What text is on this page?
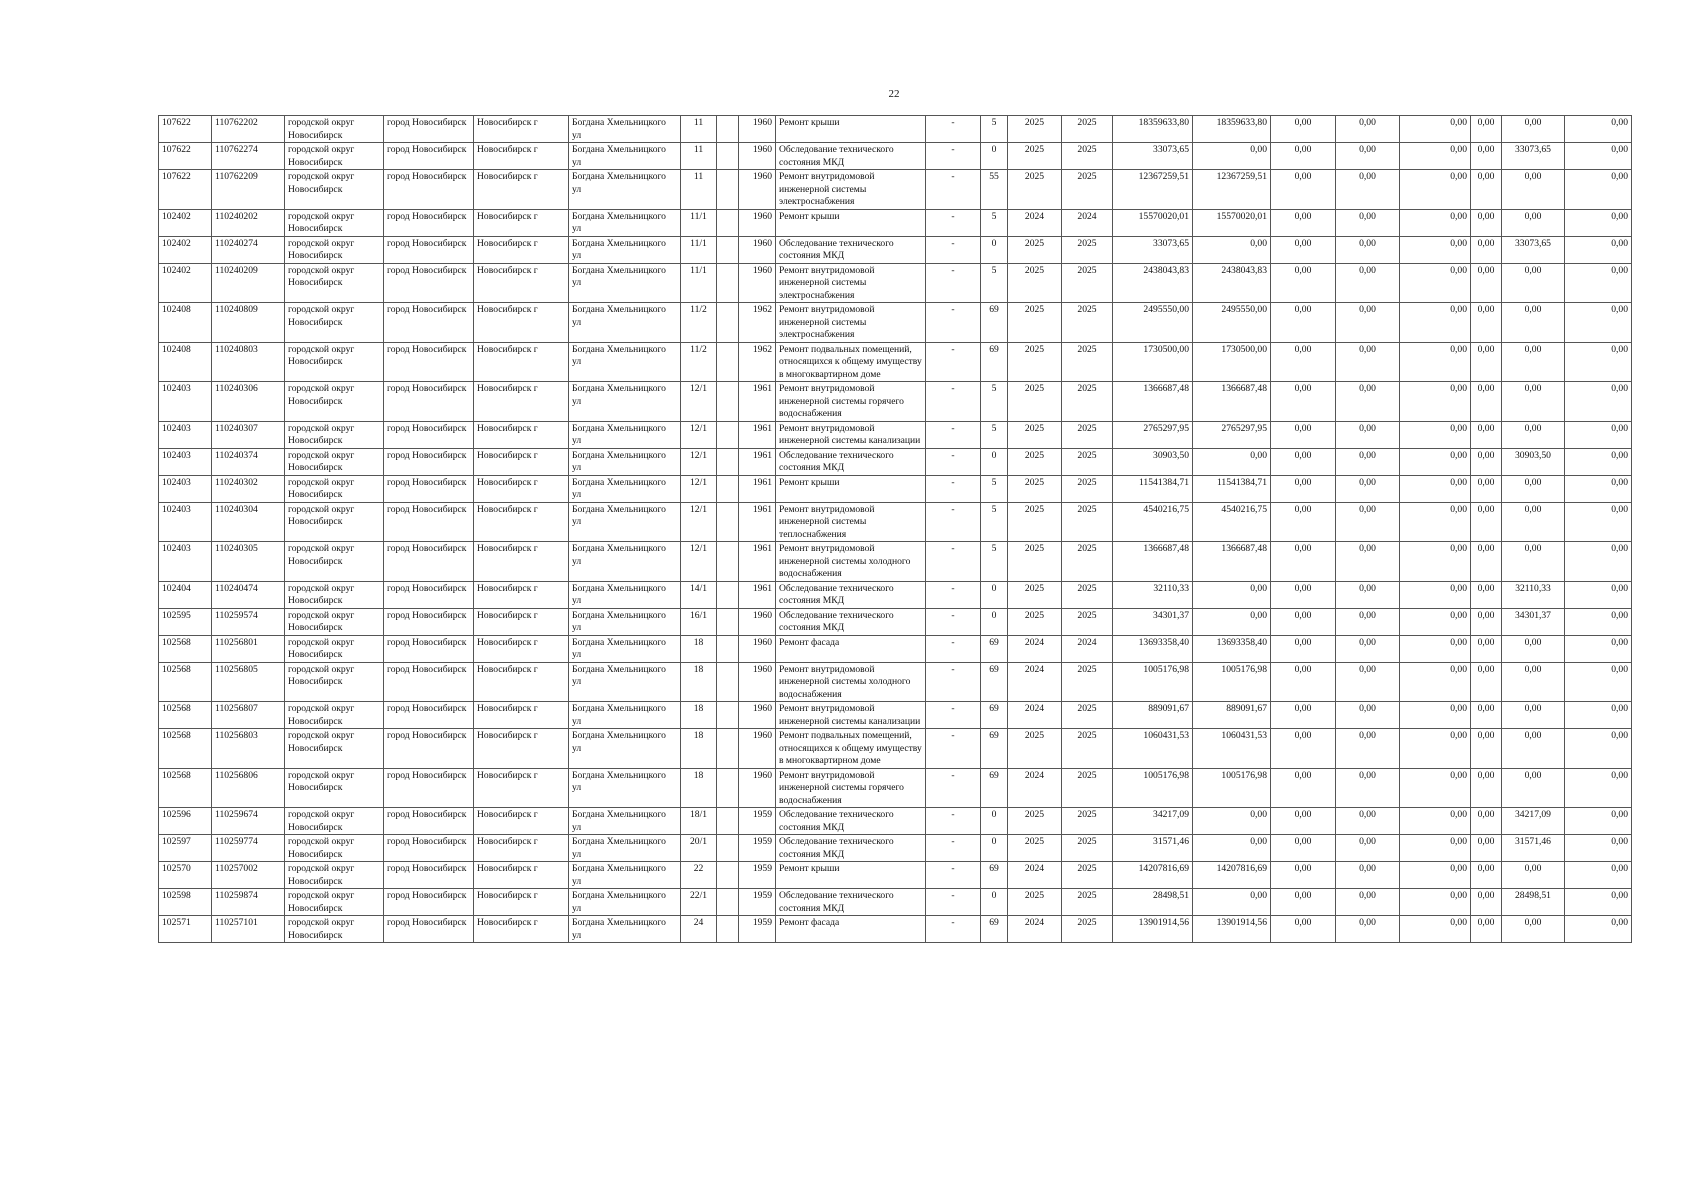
22
107622	110762202	городской округ Новосибирск	город Новосибирск	Новосибирск г	Богдана Хмельницкого ул	11		1960	Ремонт крыши	-	5	2025	2025	18359633,80	18359633,80	0,00	0,00	0,00	0,00	0,00	0,00
107622	110762274	городской округ Новосибирск	город Новосибирск	Новосибирск г	Богдана Хмельницкого ул	11		1960	Обследование технического состояния МКД	-	0	2025	2025	33073,65	0,00	0,00	0,00	0,00	0,00	33073,65	0,00
107622	110762209	городской округ Новосибирск	город Новосибирск	Новосибирск г	Богдана Хмельницкого ул	11		1960	Ремонт внутридомовой инженерной системы электроснабжения	-	55	2025	2025	12367259,51	12367259,51	0,00	0,00	0,00	0,00	0,00	0,00
102402	110240202	городской округ Новосибирск	город Новосибирск	Новосибирск г	Богдана Хмельницкого ул	11/1		1960	Ремонт крыши	-	5	2024	2024	15570020,01	15570020,01	0,00	0,00	0,00	0,00	0,00	0,00
102402	110240274	городской округ Новосибирск	город Новосибирск	Новосибирск г	Богдана Хмельницкого ул	11/1		1960	Обследование технического состояния МКД	-	0	2025	2025	33073,65	0,00	0,00	0,00	0,00	0,00	33073,65	0,00
102402	110240209	городской округ Новосибирск	город Новосибирск	Новосибирск г	Богдана Хмельницкого ул	11/1		1960	Ремонт внутридомовой инженерной системы электроснабжения	-	5	2025	2025	2438043,83	2438043,83	0,00	0,00	0,00	0,00	0,00	0,00
102408	110240809	городской округ Новосибирск	город Новосибирск	Новосибирск г	Богдана Хмельницкого ул	11/2		1962	Ремонт внутридомовой инженерной системы электроснабжения	-	69	2025	2025	2495550,00	2495550,00	0,00	0,00	0,00	0,00	0,00	0,00
102408	110240803	городской округ Новосибирск	город Новосибирск	Новосибирск г	Богдана Хмельницкого ул	11/2		1962	Ремонт подвальных помещений, относящихся к общему имуществу в многоквартирном доме	-	69	2025	2025	1730500,00	1730500,00	0,00	0,00	0,00	0,00	0,00	0,00
102403	110240306	городской округ Новосибирск	город Новосибирск	Новосибирск г	Богдана Хмельницкого ул	12/1		1961	Ремонт внутридомовой инженерной системы горячего водоснабжения	-	5	2025	2025	1366687,48	1366687,48	0,00	0,00	0,00	0,00	0,00	0,00
102403	110240307	городской округ Новосибирск	город Новосибирск	Новосибирск г	Богдана Хмельницкого ул	12/1		1961	Ремонт внутридомовой инженерной системы канализации	-	5	2025	2025	2765297,95	2765297,95	0,00	0,00	0,00	0,00	0,00	0,00
102403	110240374	городской округ Новосибирск	город Новосибирск	Новосибирск г	Богдана Хмельницкого ул	12/1		1961	Обследование технического состояния МКД	-	0	2025	2025	30903,50	0,00	0,00	0,00	0,00	0,00	30903,50	0,00
102403	110240302	городской округ Новосибирск	город Новосибирск	Новосибирск г	Богдана Хмельницкого ул	12/1		1961	Ремонт крыши	-	5	2025	2025	11541384,71	11541384,71	0,00	0,00	0,00	0,00	0,00	0,00
102403	110240304	городской округ Новосибирск	город Новосибирск	Новосибирск г	Богдана Хмельницкого ул	12/1		1961	Ремонт внутридомовой инженерной системы теплоснабжения	-	5	2025	2025	4540216,75	4540216,75	0,00	0,00	0,00	0,00	0,00	0,00
102403	110240305	городской округ Новосибирск	город Новосибирск	Новосибирск г	Богдана Хмельницкого ул	12/1		1961	Ремонт внутридомовой инженерной системы холодного водоснабжения	-	5	2025	2025	1366687,48	1366687,48	0,00	0,00	0,00	0,00	0,00	0,00
102404	110240474	городской округ Новосибирск	город Новосибирск	Новосибирск г	Богдана Хмельницкого ул	14/1		1961	Обследование технического состояния МКД	-	0	2025	2025	32110,33	0,00	0,00	0,00	0,00	0,00	32110,33	0,00
102595	110259574	городской округ Новосибирск	город Новосибирск	Новосибирск г	Богдана Хмельницкого ул	16/1		1960	Обследование технического состояния МКД	-	0	2025	2025	34301,37	0,00	0,00	0,00	0,00	0,00	34301,37	0,00
102568	110256801	городской округ Новосибирск	город Новосибирск	Новосибирск г	Богдана Хмельницкого ул	18		1960	Ремонт фасада	-	69	2024	2024	13693358,40	13693358,40	0,00	0,00	0,00	0,00	0,00	0,00
102568	110256805	городской округ Новосибирск	город Новосибирск	Новосибирск г	Богдана Хмельницкого ул	18		1960	Ремонт внутридомовой инженерной системы холодного водоснабжения	-	69	2024	2025	1005176,98	1005176,98	0,00	0,00	0,00	0,00	0,00	0,00
102568	110256807	городской округ Новосибирск	город Новосибирск	Новосибирск г	Богдана Хмельницкого ул	18		1960	Ремонт внутридомовой инженерной системы канализации	-	69	2024	2025	889091,67	889091,67	0,00	0,00	0,00	0,00	0,00	0,00
102568	110256803	городской округ Новосибирск	город Новосибирск	Новосибирск г	Богдана Хмельницкого ул	18		1960	Ремонт подвальных помещений, относящихся к общему имуществу в многоквартирном доме	-	69	2025	2025	1060431,53	1060431,53	0,00	0,00	0,00	0,00	0,00	0,00
102568	110256806	городской округ Новосибирск	город Новосибирск	Новосибирск г	Богдана Хмельницкого ул	18		1960	Ремонт внутридомовой инженерной системы горячего водоснабжения	-	69	2024	2025	1005176,98	1005176,98	0,00	0,00	0,00	0,00	0,00	0,00
102596	110259674	городской округ Новосибирск	город Новосибирск	Новосибирск г	Богдана Хмельницкого ул	18/1		1959	Обследование технического состояния МКД	-	0	2025	2025	34217,09	0,00	0,00	0,00	0,00	0,00	34217,09	0,00
102597	110259774	городской округ Новосибирск	город Новосибирск	Новосибирск г	Богдана Хмельницкого ул	20/1		1959	Обследование технического состояния МКД	-	0	2025	2025	31571,46	0,00	0,00	0,00	0,00	0,00	31571,46	0,00
102570	110257002	городской округ Новосибирск	город Новосибирск	Новосибирск г	Богдана Хмельницкого ул	22		1959	Ремонт крыши	-	69	2024	2025	14207816,69	14207816,69	0,00	0,00	0,00	0,00	0,00	0,00
102598	110259874	городской округ Новосибирск	город Новосибирск	Новосибирск г	Богдана Хмельницкого ул	22/1		1959	Обследование технического состояния МКД	-	0	2025	2025	28498,51	0,00	0,00	0,00	0,00	0,00	28498,51	0,00
102571	110257101	городской округ Новосибирск	город Новосибирск	Новосибирск г	Богдана Хмельницкого ул	24		1959	Ремонт фасада	-	69	2024	2025	13901914,56	13901914,56	0,00	0,00	0,00	0,00	0,00	0,00
